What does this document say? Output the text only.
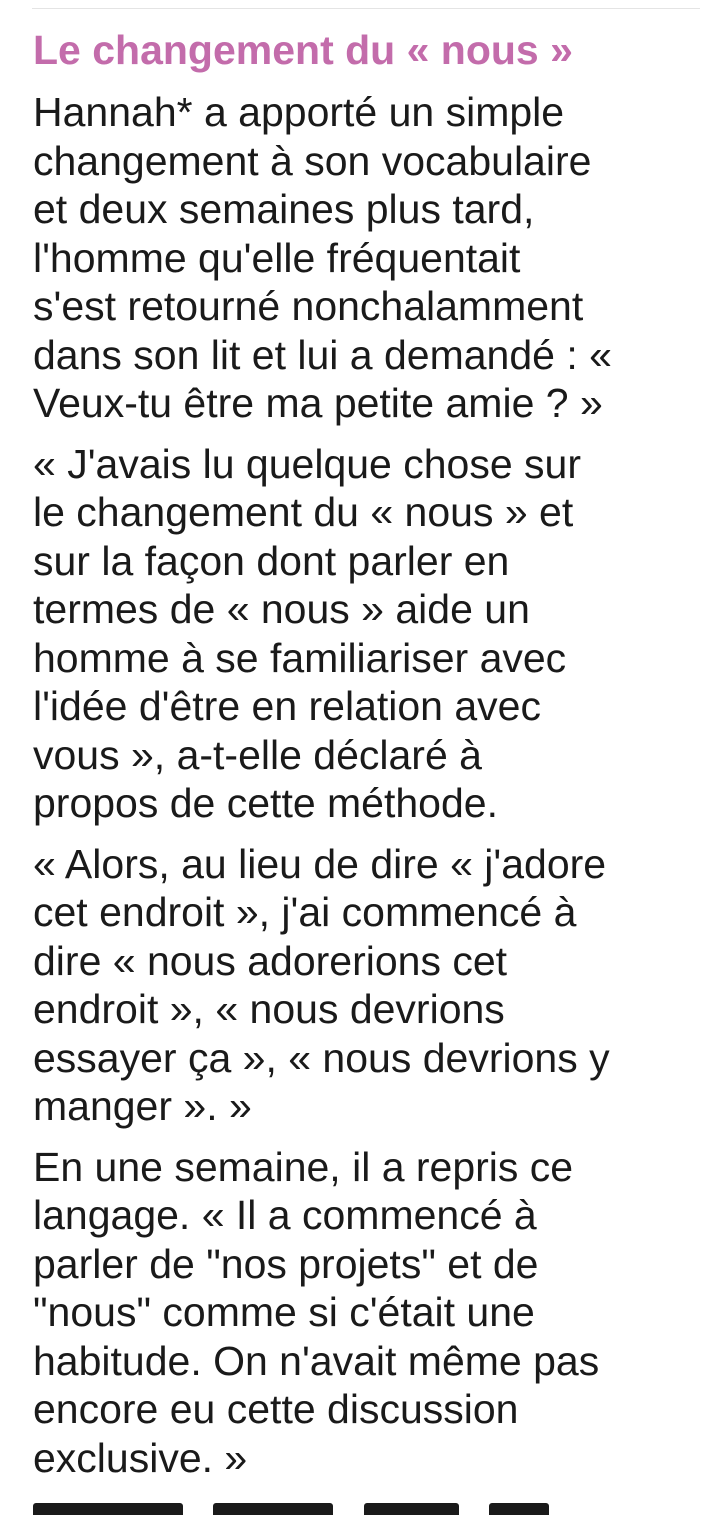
Le changement du « nous »

Hannah* a apporté un simple
changement à son vocabulaire
et deux semaines plus tard,
l'homme qu'elle fréquentait
s'est retourné nonchalamment
dans son lit et lui a demandé : «
Veux-tu être ma petite amie ? »

« J'avais lu quelque chose sur
le changement du « nous » et
sur la façon dont parler en
termes de « nous » aide un
homme à se familiariser avec
l'idée d'être en relation avec
vous », a-t-elle déclaré à
propos de cette méthode.

« Alors, au lieu de dire « j'adore
cet endroit », j'ai commencé à
dire « nous adorerions cet
endroit », « nous devrions
essayer ça », « nous devrions y
manger ». »

En une semaine, il a repris ce
langage. « Il a commencé à
parler de "nos projets" et de
"nous" comme si c'était une
habitude. On n'avait même pas
encore eu cette discussion
exclusive. »
